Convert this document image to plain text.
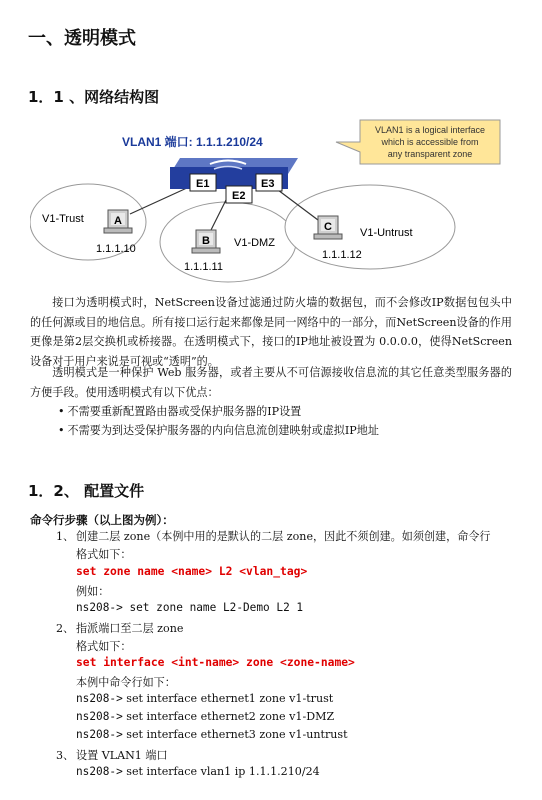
一、透明模式
1．1 、网络结构图
E1
E2
E3
VLAN1 端口: 1.1.1.210/24
VLAN1 is a logical interface
which is accessible from
any transparent zone
A
V1-Trust
1.1.1.10
B V1-DMZ
1.1.1.11
C	V1-Untrust
1.1.1.12

接口为透明模式时，NetScreen设备过滤通过防火墙的数据包，而不会修改IP数据包包头中的任何源或目的地信息。所有接口运行起来都像是同一网络中的一部分，而NetScreen设备的作用更像是第2层交换机或桥接器。在透明模式下，接口的IP地址被设置为 0.0.0.0，使得NetScreen设备对于用户来说是可视或“透明”的。

透明模式是一种保护 Web 服务器，或者主要从不可信源接收信息流的其它任意类型服务器的方便手段。使用透明模式有以下优点：

• 不需要重新配置路由器或受保护服务器的IP设置
• 不需要为到达受保护服务器的内向信息流创建映射或虚拟IP地址
1．2、 配置文件

命令行步骤（以上图为例）：

1、 创建二层 zone（本例中用的是默认的二层 zone，因此不须创建。如须创建，命令行
格式如下：
set zone name <name> L2 <vlan_tag>
例如：
ns208-> set zone name L2-Demo L2 1
2、 指派端口至二层 zone
格式如下：
set interface <int-name> zone <zone-name>
本例中命令行如下：
ns208-> set interface ethernet1 zone v1-trust
ns208-> set interface ethernet2 zone v1-DMZ
ns208-> set interface ethernet3 zone v1-untrust
3、 设置 VLAN1 端口
ns208-> set interface vlan1 ip 1.1.1.210/24
